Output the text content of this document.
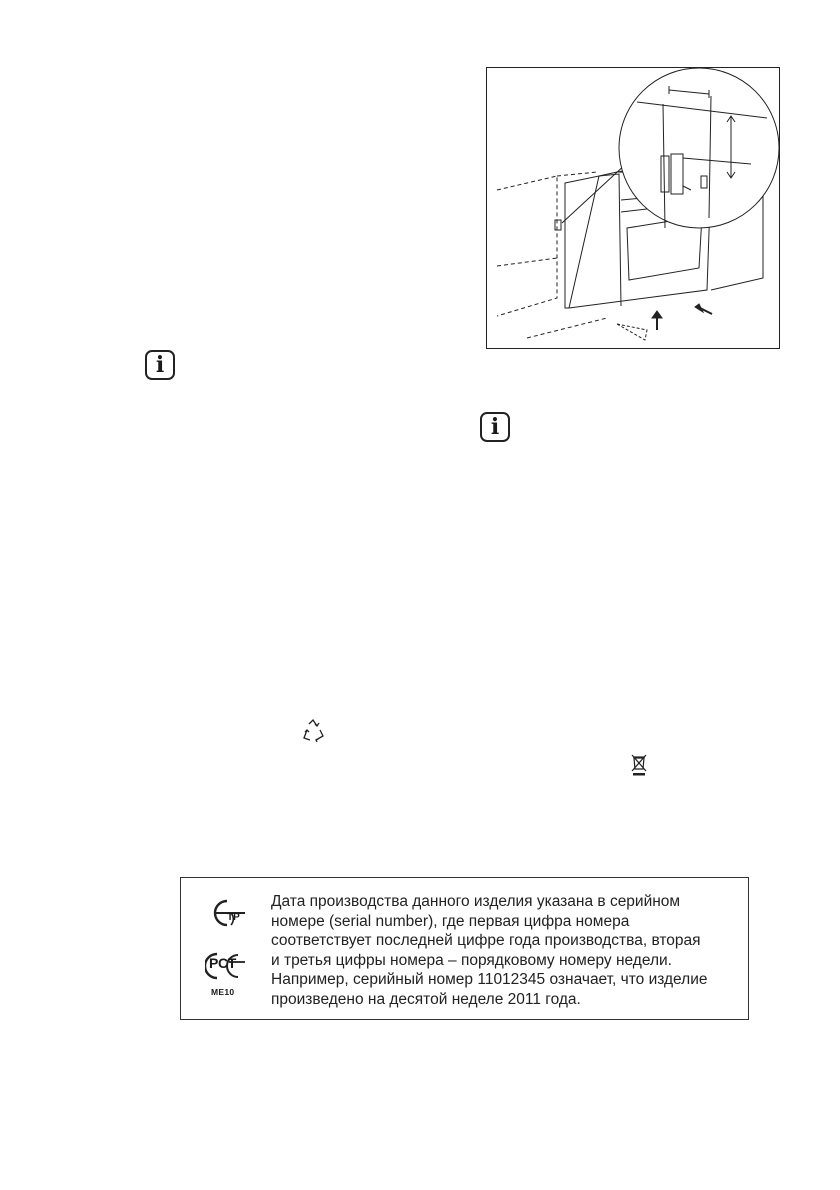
i
i
ТР
РСТ
ME10
Дата производства данного изделия указана в серийном
номере (serial number), где первая цифра номера
соответствует последней цифре года производства, вторая
и третья цифры номера – порядковому номеру недели.
Например, серийный номер 11012345 означает, что изделие
произведено на десятой неделе 2011 года.
